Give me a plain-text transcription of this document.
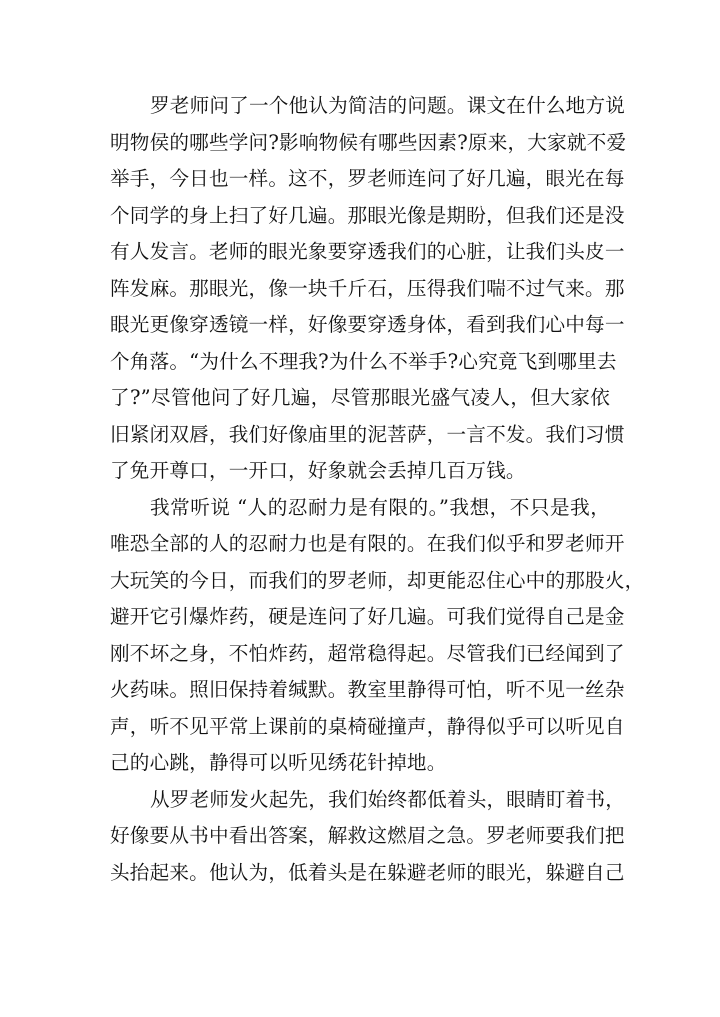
罗老师问了一个他认为简洁的问题。课文在什么地方说
明物侯的哪些学问?影响物候有哪些因素?原来，大家就不爱
举手，今日也一样。这不，罗老师连问了好几遍，眼光在每
个同学的身上扫了好几遍。那眼光像是期盼，但我们还是没
有人发言。老师的眼光象要穿透我们的心脏，让我们头皮一
阵发麻。那眼光，像一块千斤石，压得我们喘不过气来。那
眼光更像穿透镜一样，好像要穿透身体，看到我们心中每一
个角落。“为什么不理我?为什么不举手?心究竟飞到哪里去
了?”尽管他问了好几遍，尽管那眼光盛气凌人，但大家依
旧紧闭双唇，我们好像庙里的泥菩萨，一言不发。我们习惯
了免开尊口，一开口，好象就会丢掉几百万钱。
我常听说 “人的忍耐力是有限的。”我想，不只是我，
唯恐全部的人的忍耐力也是有限的。在我们似乎和罗老师开
大玩笑的今日，而我们的罗老师，却更能忍住心中的那股火，
避开它引爆炸药，硬是连问了好几遍。可我们觉得自己是金
刚不坏之身，不怕炸药，超常稳得起。尽管我们已经闻到了
火药味。照旧保持着缄默。教室里静得可怕，听不见一丝杂
声，听不见平常上课前的桌椅碰撞声，静得似乎可以听见自
己的心跳，静得可以听见绣花针掉地。
从罗老师发火起先，我们始终都低着头，眼睛盯着书，
好像要从书中看出答案，解救这燃眉之急。罗老师要我们把
头抬起来。他认为，低着头是在躲避老师的眼光，躲避自己
